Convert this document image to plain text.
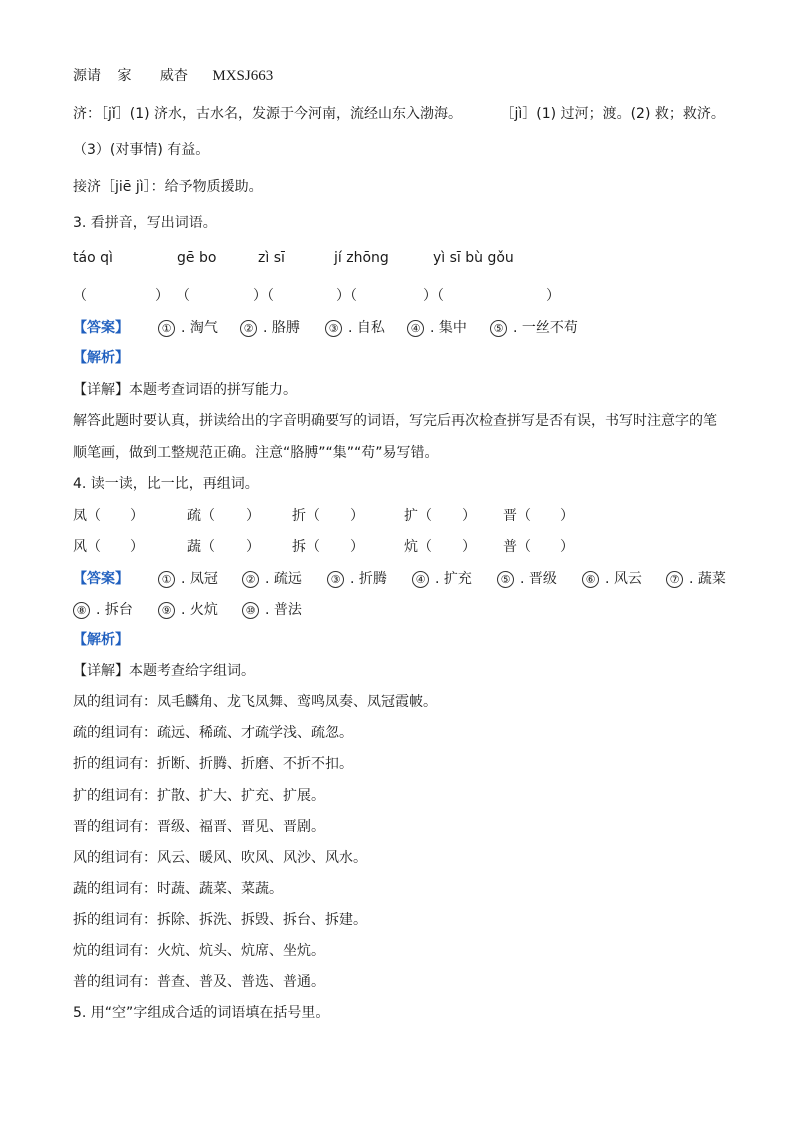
源请 家 威杳 MXSJ663
济：［jǐ］(1) 济水，古水名，发源于今河南，流经山东入渤海。	［jì］(1) 过河；渡。(2) 救；救济。
（3）(对事情) 有益。
接济［jiē jì］：给予物质援助。
3. 看拼音，写出词语。
táo qì	gē bo	zì sī	jí zhōng	yì sī bù gǒu
（	） （	）（	）（	）（	）
【答案】	① . 淘气	② . 胳膊	③ . 自私	④ . 集中	⑤ . 一丝不苟
【解析】
【详解】本题考查词语的拼写能力。
解答此题时要认真，拼读给出的字音明确要写的词语，写完后再次检查拼写是否有误，书写时注意字的笔
顺笔画，做到工整规范正确。注意“胳膊”“集”“苟”易写错。
4. 读一读，比一比，再组词。
凤（ ）	疏（ ） 折（ ）	扩（ ） 晋（ ）
风（ ）	蔬（ ） 拆（ ）	炕（ ） 普（ ）
【答案】	① . 凤冠	② . 疏远	③ . 折腾	④ . 扩充	⑤ . 晋级	⑥ . 风云	⑦ . 蔬菜
⑧ . 拆台	⑨ . 火炕	⑩ . 普法
【解析】
【详解】本题考查给字组词。
凤的组词有：凤毛麟角、龙飞凤舞、鸾鸣凤奏、凤冠霞帔。
疏的组词有：疏远、稀疏、才疏学浅、疏忽。
折的组词有：折断、折腾、折磨、不折不扣。
扩的组词有：扩散、扩大、扩充、扩展。
晋的组词有：晋级、福晋、晋见、晋剧。
风的组词有：风云、暖风、吹风、风沙、风水。
蔬的组词有：时蔬、蔬菜、菜蔬。
拆的组词有：拆除、拆洗、拆毁、拆台、拆建。
炕的组词有：火炕、炕头、炕席、坐炕。
普的组词有：普查、普及、普选、普通。
5. 用“空”字组成合适的词语填在括号里。
